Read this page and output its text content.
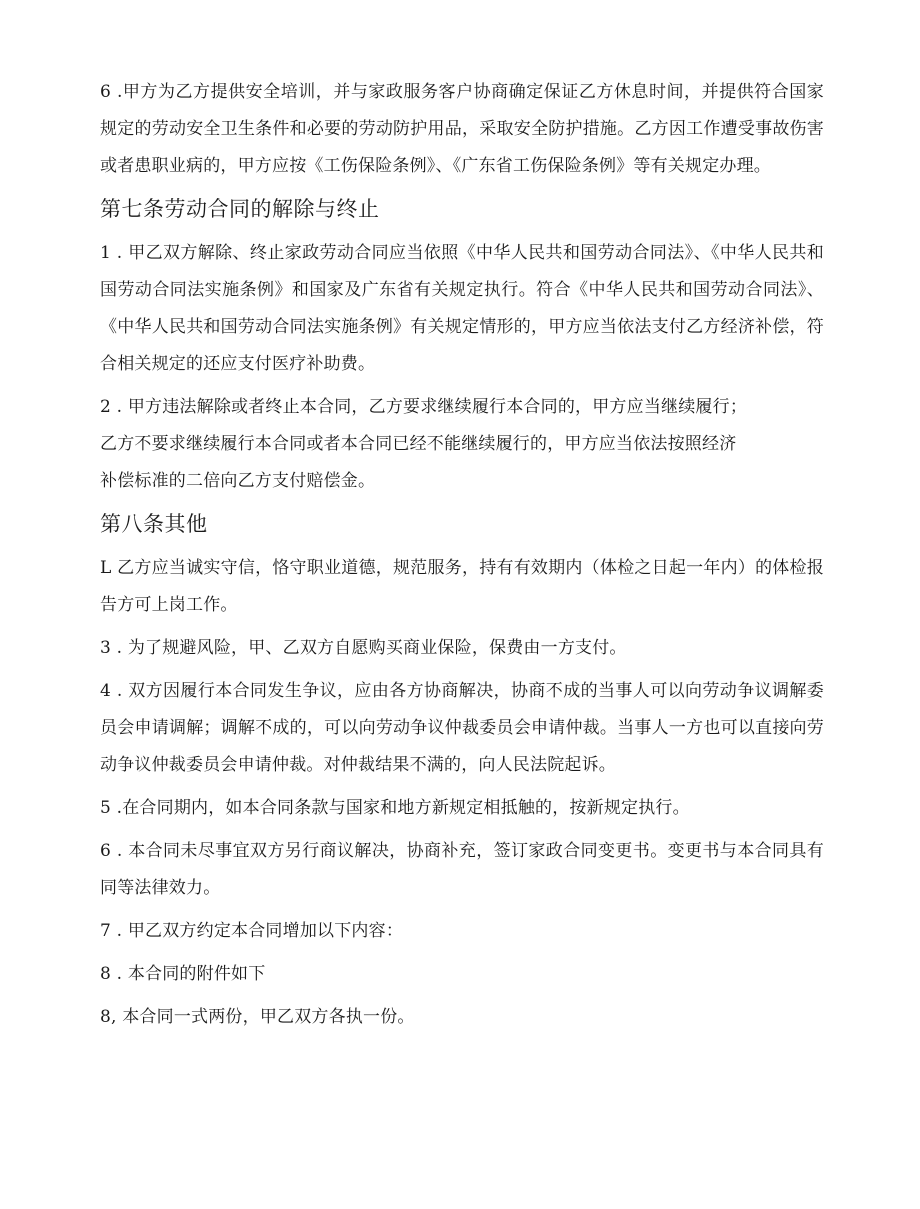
6 .甲方为乙方提供安全培训，并与家政服务客户协商确定保证乙方休息时间，并提供符合国家规定的劳动安全卫生条件和必要的劳动防护用品，采取安全防护措施。乙方因工作遭受事故伤害或者患职业病的，甲方应按《工伤保险条例》、《广东省工伤保险条例》等有关规定办理。

第七条劳动合同的解除与终止

1 . 甲乙双方解除、终止家政劳动合同应当依照《中华人民共和国劳动合同法》、《中华人民共和国劳动合同法实施条例》和国家及广东省有关规定执行。符合《中华人民共和国劳动合同法》、《中华人民共和国劳动合同法实施条例》有关规定情形的，甲方应当依法支付乙方经济补偿，符合相关规定的还应支付医疗补助费。

2 . 甲方违法解除或者终止本合同，乙方要求继续履行本合同的，甲方应当继续履行；

乙方不要求继续履行本合同或者本合同已经不能继续履行的，甲方应当依法按照经济

补偿标准的二倍向乙方支付赔偿金。

第八条其他

L 乙方应当诚实守信，恪守职业道德，规范服务，持有有效期内（体检之日起一年内）的体检报告方可上岗工作。

3 . 为了规避风险，甲、乙双方自愿购买商业保险，保费由一方支付。

4 . 双方因履行本合同发生争议，应由各方协商解决，协商不成的当事人可以向劳动争议调解委员会申请调解；调解不成的，可以向劳动争议仲裁委员会申请仲裁。当事人一方也可以直接向劳动争议仲裁委员会申请仲裁。对仲裁结果不满的，向人民法院起诉。

5 .在合同期内，如本合同条款与国家和地方新规定相抵触的，按新规定执行。

6 . 本合同未尽事宜双方另行商议解决，协商补充，签订家政合同变更书。变更书与本合同具有同等法律效力。

7 . 甲乙双方约定本合同增加以下内容：

8 . 本合同的附件如下

8, 本合同一式两份，甲乙双方各执一份。
